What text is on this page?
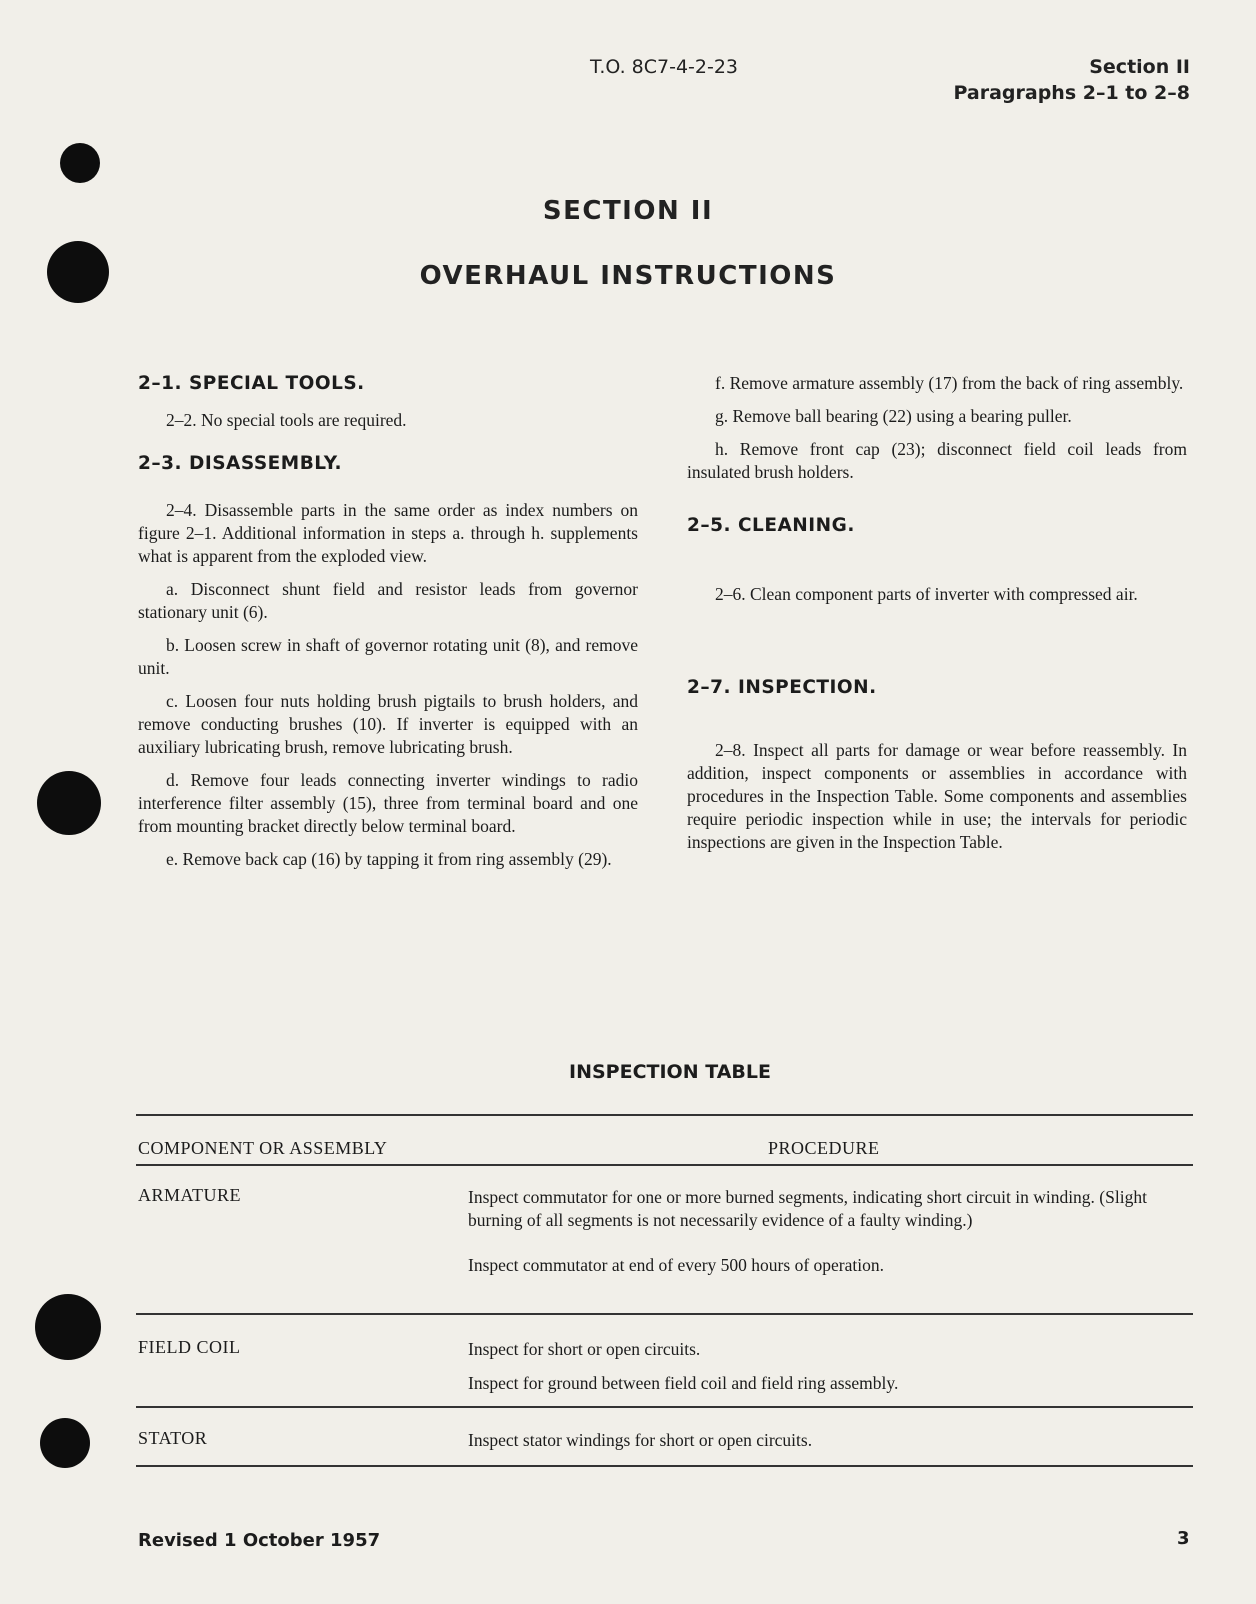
T.O. 8C7-4-2-23	Section II
Paragraphs 2–1 to 2–8
SECTION II
OVERHAUL INSTRUCTIONS
2–1. SPECIAL TOOLS.

2–2. No special tools are required.

2–3. DISASSEMBLY.

2–4. Disassemble parts in the same order as index numbers on figure 2–1. Additional information in steps a. through h. supplements what is apparent from the exploded view.

a. Disconnect shunt field and resistor leads from governor stationary unit (6).

b. Loosen screw in shaft of governor rotating unit (8), and remove unit.

c. Loosen four nuts holding brush pigtails to brush holders, and remove conducting brushes (10). If inverter is equipped with an auxiliary lubricating brush, remove lubricating brush.

d. Remove four leads connecting inverter windings to radio interference filter assembly (15), three from terminal board and one from mounting bracket directly below terminal board.

e. Remove back cap (16) by tapping it from ring assembly (29).

f. Remove armature assembly (17) from the back of ring assembly.

g. Remove ball bearing (22) using a bearing puller.

h. Remove front cap (23); disconnect field coil leads from insulated brush holders.

2–5. CLEANING.

2–6. Clean component parts of inverter with compressed air.

2–7. INSPECTION.

2–8. Inspect all parts for damage or wear before reassembly. In addition, inspect components or assemblies in accordance with procedures in the Inspection Table. Some components and assemblies require periodic inspection while in use; the intervals for periodic inspections are given in the Inspection Table.

INSPECTION TABLE
COMPONENT OR ASSEMBLY	PROCEDURE
ARMATURE	Inspect commutator for one or more burned segments, indicating short circuit in winding. (Slight burning of all segments is not necessarily evidence of a faulty winding.)

Inspect commutator at end of every 500 hours of operation.

FIELD COIL	Inspect for short or open circuits.

Inspect for ground between field coil and field ring assembly.

STATOR	Inspect stator windings for short or open circuits.

Revised 1 October 1957	3
